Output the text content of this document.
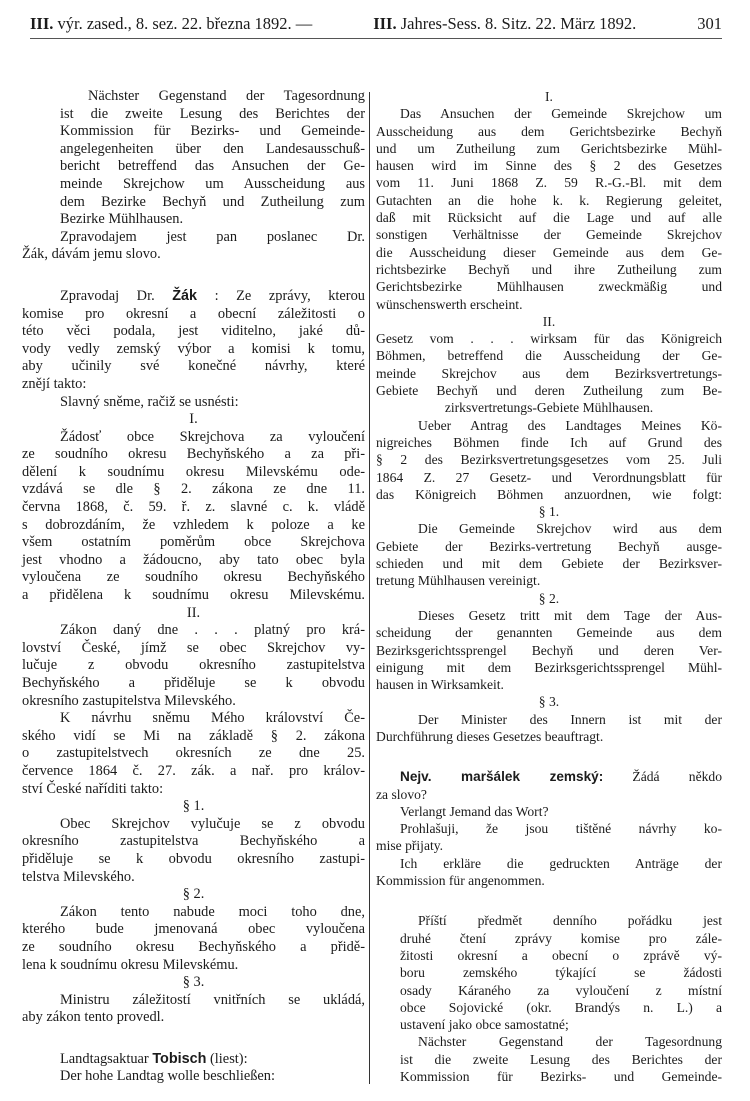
III. výr. zased., 8. sez. 22. března 1892. —	III. Jahres-Sess. 8. Sitz. 22. März 1892.	301
Nächster Gegenstand der Tagesordnung
ist die zweite Lesung des Berichtes der
Kommission für Bezirks- und Gemeinde-
angelegenheiten über den Landesausschuß-
bericht betreffend das Ansuchen der Ge-
meinde Skrejchow um Ausscheidung aus
dem Bezirke Bechyň und Zutheilung zum
Bezirke Mühlhausen.
Zpravodajem jest pan poslanec Dr.
Žák, dávám jemu slovo.
Zpravodaj Dr. Žák : Ze zprávy, kterou
komise pro okresní a obecní záležitosti o
této věci podala, jest viditelno, jaké dů-
vody vedly zemský výbor a komisi k tomu,
aby učinily své konečné návrhy, které
znějí takto:
Slavný sněme, račiž se usnésti:
I.
Žádosť obce Skrejchova za vyloučení
ze soudního okresu Bechyňského a za při-
dělení k soudnímu okresu Milevskému ode-
vzdává se dle § 2. zákona ze dne 11.
června 1868, č. 59. ř. z. slavné c. k. vládě
s dobrozdáním, že vzhledem k poloze a ke
všem ostatním poměrům obce Skrejchova
jest vhodno a žádoucno, aby tato obec byla
vyloučena ze soudního okresu Bechyňského
a přidělena k soudnímu okresu Milevskému.
II.
Zákon daný dne . . . platný pro krá-
lovství České, jímž se obec Skrejchov vy-
lučuje z obvodu okresního zastupitelstva
Bechyňského a přiděluje se k obvodu
okresního zastupitelstva Milevského.
K návrhu sněmu Mého království Če-
ského vidí se Mi na základě § 2. zákona
o zastupitelstvech okresních ze dne 25.
července 1864 č. 27. zák. a nař. pro králov-
ství České naříditi takto:
§ 1.
Obec Skrejchov vylučuje se z obvodu
okresního zastupitelstva Bechyňského a
přiděluje se k obvodu okresního zastupi-
telstva Milevského.
§ 2.
Zákon tento nabude moci toho dne,
kterého bude jmenovaná obec vyloučena
ze soudního okresu Bechyňského a přidě-
lena k soudnímu okresu Milevskému.
§ 3.
Ministru záležitostí vnitřních se ukládá,
aby zákon tento provedl.
Landtagsaktuar Tobisch (liest):
Der hohe Landtag wolle beschließen:
I.
Das Ansuchen der Gemeinde Skrejchow um
Ausscheidung aus dem Gerichtsbezirke Bechyň
und um Zutheilung zum Gerichtsbezirke Mühl-
hausen wird im Sinne des § 2 des Gesetzes
vom 11. Juni 1868 Z. 59 R.-G.-Bl. mit dem
Gutachten an die hohe k. k. Regierung geleitet,
daß mit Rücksicht auf die Lage und auf alle
sonstigen Verhältnisse der Gemeinde Skrejchov
die Ausscheidung dieser Gemeinde aus dem Ge-
richtsbezirke Bechyň und ihre Zutheilung zum
Gerichtsbezirke Mühlhausen zweckmäßig und
wünschenswerth erscheint.
II.
Gesetz vom . . . wirksam für das Königreich
Böhmen, betreffend die Ausscheidung der Ge-
meinde Skrejchov aus dem Bezirksvertretungs-
Gebiete Bechyň und deren Zutheilung zum Be-
zirksvertretungs-Gebiete Mühlhausen.
Ueber Antrag des Landtages Meines Kö-
nigreiches Böhmen finde Ich auf Grund des
§ 2 des Bezirksvertretungsgesetzes vom 25. Juli
1864 Z. 27 Gesetz- und Verordnungsblatt für
das Königreich Böhmen anzuordnen, wie folgt:
§ 1.
Die Gemeinde Skrejchov wird aus dem
Gebiete der Bezirks-vertretung Bechyň ausge-
schieden und mit dem Gebiete der Bezirksver-
tretung Mühlhausen vereinigt.
§ 2.
Dieses Gesetz tritt mit dem Tage der Aus-
scheidung der genannten Gemeinde aus dem
Bezirksgerichtssprengel Bechyň und deren Ver-
einigung mit dem Bezirksgerichtssprengel Mühl-
hausen in Wirksamkeit.
§ 3.
Der Minister des Innern ist mit der
Durchführung dieses Gesetzes beauftragt.
Nejv. maršálek zemský: Žádá někdo
za slovo?
Verlangt Jemand das Wort?
Prohlašuji, že jsou tištěné návrhy ko-
mise přijaty.
Ich erkläre die gedruckten Anträge der
Kommission für angenommen.
Příští předmět denního pořádku jest
druhé čtení zprávy komise pro zále-
žitosti okresní a obecní o zprávě vý-
boru zemského týkající se žádosti
osady Káraného za vyloučení z místní
obce Sojovické (okr. Brandýs n. L.) a
ustavení jako obce samostatné;
Nächster Gegenstand der Tagesordnung
ist die zweite Lesung des Berichtes der
Kommission für Bezirks- und Gemeinde-
